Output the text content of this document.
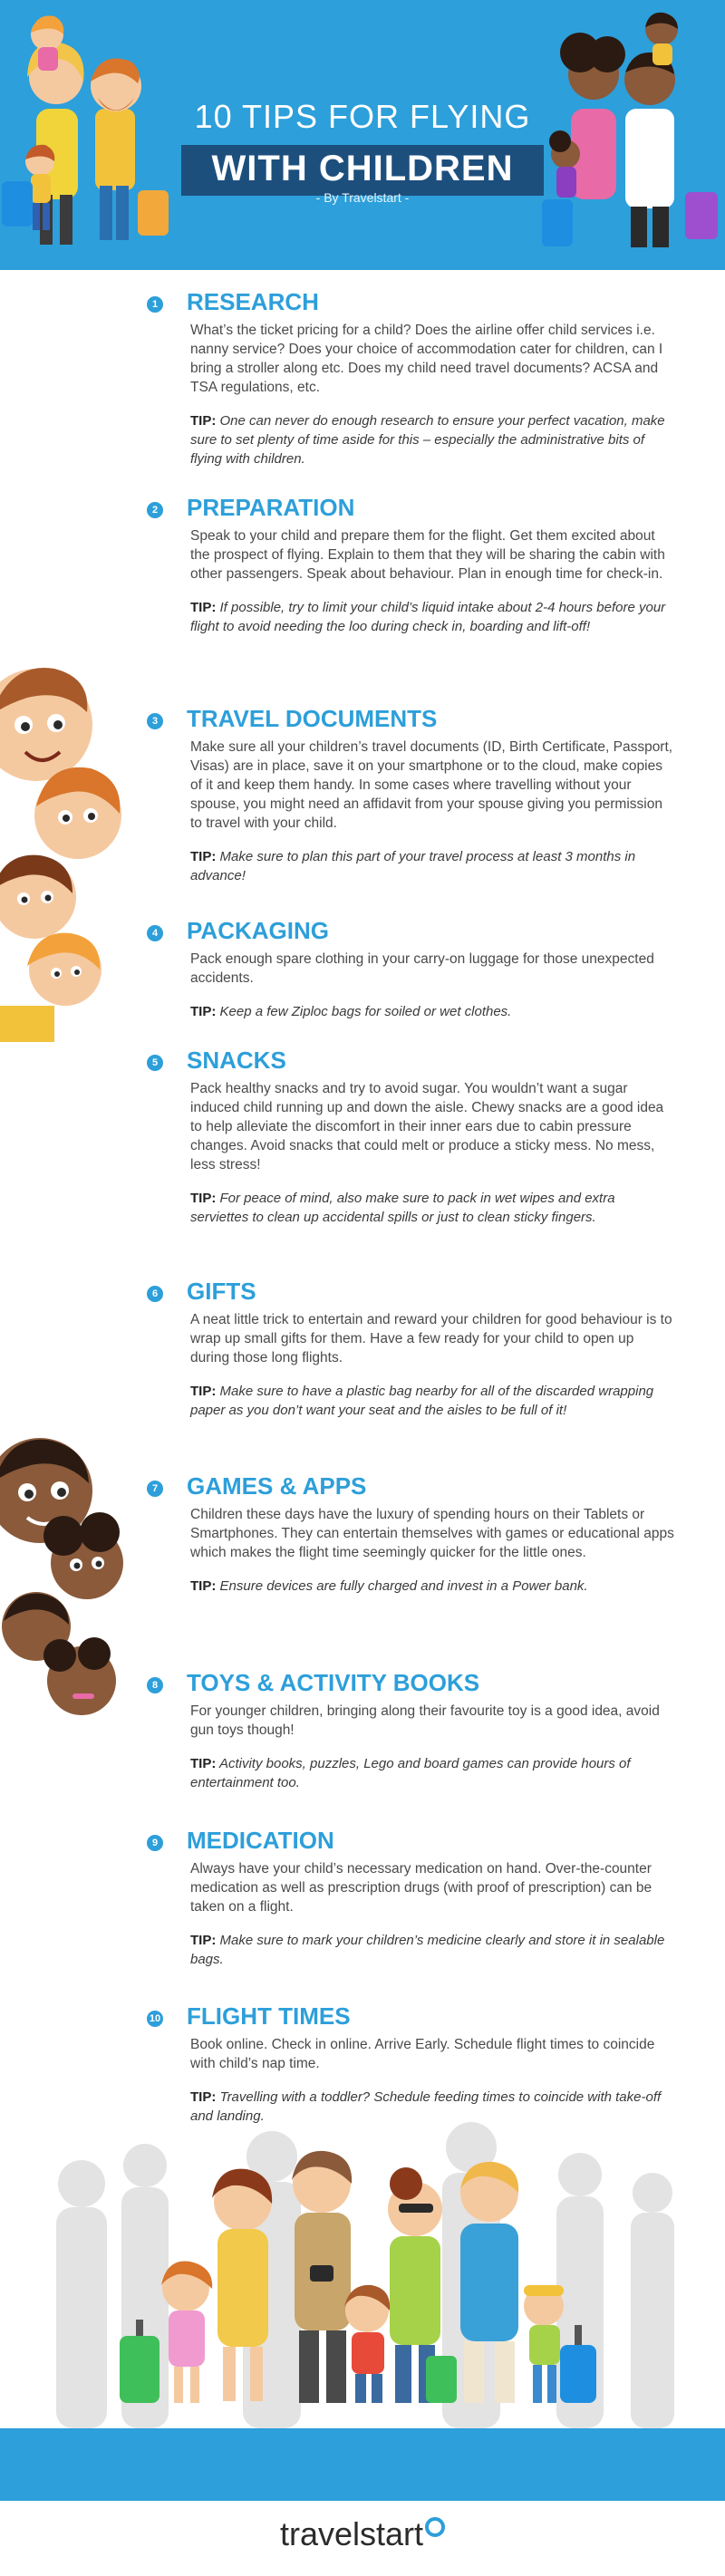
10 TIPS FOR FLYING
WITH CHILDREN
- By Travelstart -
1 RESEARCH
What’s the ticket pricing for a child? Does the airline offer child services i.e. nanny service? Does your choice of accommodation cater for children, can I bring a stroller along etc. Does my child need travel documents? ACSA and TSA regulations, etc.
TIP: One can never do enough research to ensure your perfect vacation, make sure to set plenty of time aside for this – especially the administrative bits of flying with children.
2 PREPARATION
Speak to your child and prepare them for the flight. Get them excited about the prospect of flying. Explain to them that they will be sharing the cabin with other passengers. Speak about behaviour. Plan in enough time for check-in.
TIP: If possible, try to limit your child’s liquid intake about 2-4 hours before your flight to avoid needing the loo during check in, boarding and lift-off!
3 TRAVEL DOCUMENTS
Make sure all your children’s travel documents (ID, Birth Certificate, Passport, Visas) are in place, save it on your smartphone or to the cloud, make copies of it and keep them handy. In some cases where travelling without your spouse, you might need an affidavit from your spouse giving you permission to travel with your child.
TIP: Make sure to plan this part of your travel process at least 3 months in advance!
4 PACKAGING
Pack enough spare clothing in your carry-on luggage for those unexpected accidents.
TIP: Keep a few Ziploc bags for soiled or wet clothes.
5 SNACKS
Pack healthy snacks and try to avoid sugar. You wouldn’t want a sugar induced child running up and down the aisle. Chewy snacks are a good idea to help alleviate the discomfort in their inner ears due to cabin pressure changes. Avoid snacks that could melt or produce a sticky mess. No mess, less stress!
TIP: For peace of mind, also make sure to pack in wet wipes and extra serviettes to clean up accidental spills or just to clean sticky fingers.
6 GIFTS
A neat little trick to entertain and reward your children for good behaviour is to wrap up small gifts for them. Have a few ready for your child to open up during those long flights.
TIP: Make sure to have a plastic bag nearby for all of the discarded wrapping paper as you don’t want your seat and the aisles to be full of it!
7 GAMES & APPS
Children these days have the luxury of spending hours on their Tablets or Smartphones. They can entertain themselves with games or educational apps which makes the flight time seemingly quicker for the little ones.
TIP: Ensure devices are fully charged and invest in a Power bank.
8 TOYS & ACTIVITY BOOKS
For younger children, bringing along their favourite toy is a good idea, avoid gun toys though!
TIP: Activity books, puzzles, Lego and board games can provide hours of entertainment too.
9 MEDICATION
Always have your child’s necessary medication on hand. Over-the-counter medication as well as prescription drugs (with proof of prescription) can be taken on a flight.
TIP: Make sure to mark your children’s medicine clearly and store it in sealable bags.
10 FLIGHT TIMES
Book online. Check in online. Arrive Early. Schedule flight times to coincide with child’s nap time.
TIP: Travelling with a toddler? Schedule feeding times to coincide with take-off and landing.
travelstart
